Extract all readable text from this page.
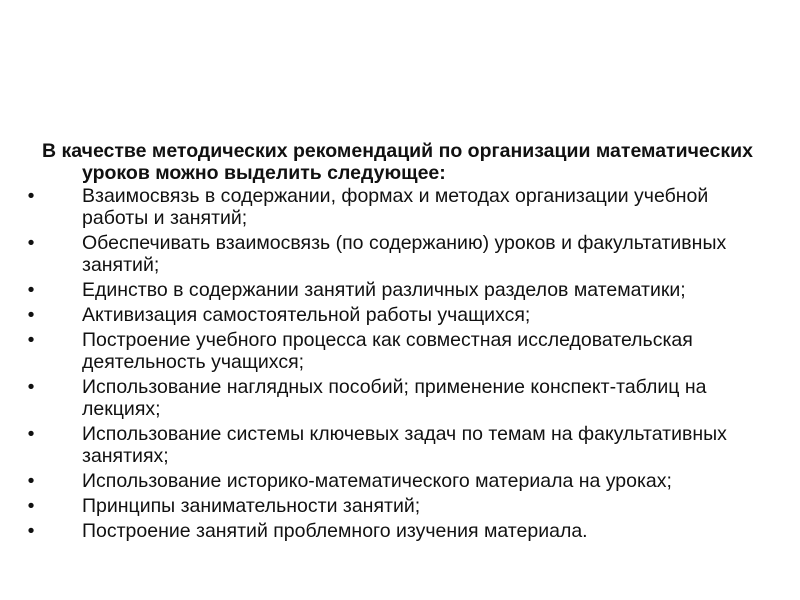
В качестве методических рекомендаций по организации математических уроков можно выделить следующее:
• Взаимосвязь в содержании, формах и методах организации учебной работы и занятий;
• Обеспечивать взаимосвязь (по содержанию) уроков и факультативных занятий;
• Единство в содержании занятий различных разделов математики;
• Активизация самостоятельной работы учащихся;
• Построение учебного процесса как совместная исследовательская деятельность учащихся;
• Использование наглядных пособий; применение конспект-таблиц на лекциях;
• Использование системы ключевых задач по темам на факультативных занятиях;
• Использование историко-математического материала на уроках;
• Принципы занимательности занятий;
• Построение занятий проблемного изучения материала.
